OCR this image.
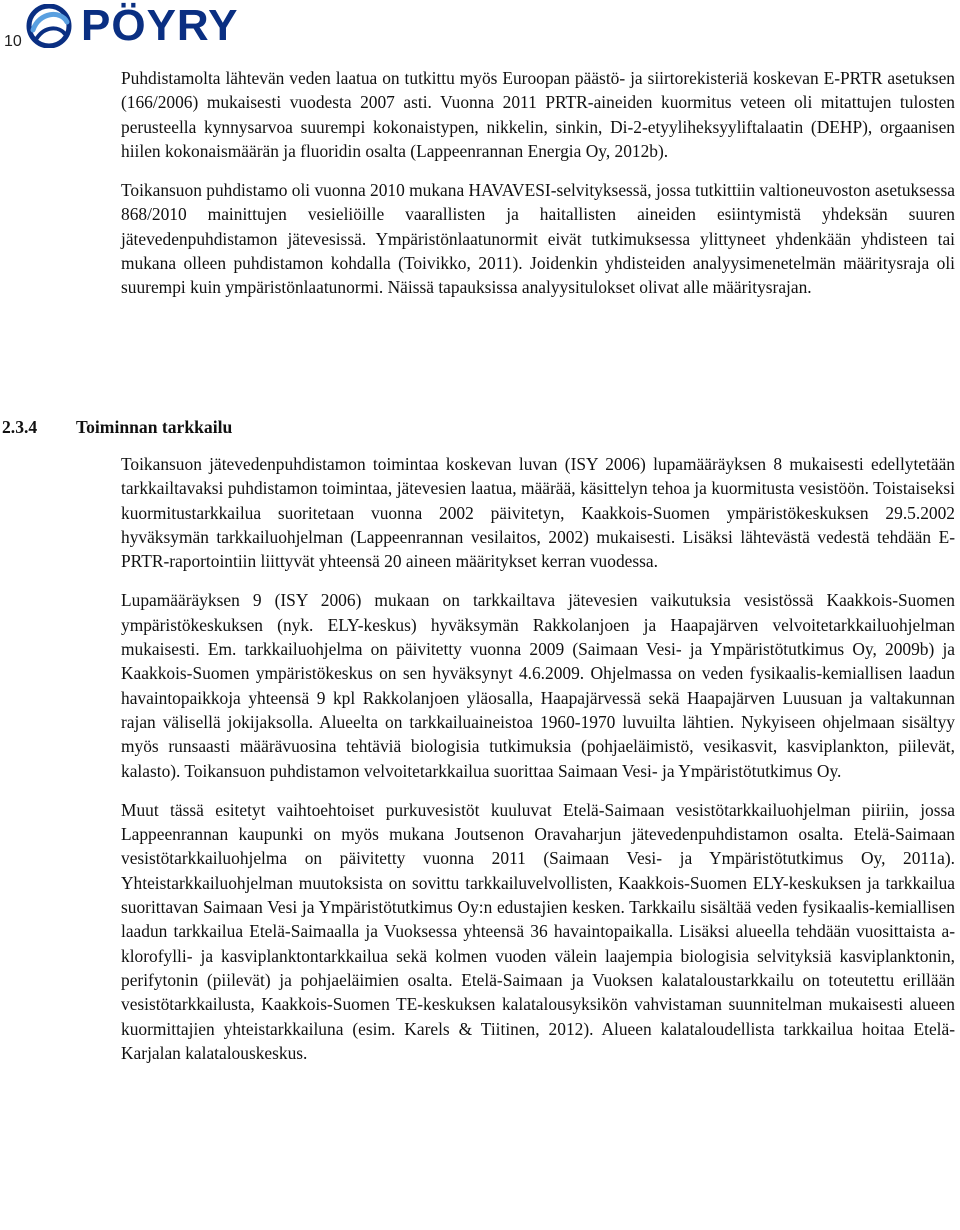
10 PÖYRY

Puhdistamolta lähtevän veden laatua on tutkittu myös Euroopan päästö- ja siirtorekisteriä koskevan E-PRTR asetuksen (166/2006) mukaisesti vuodesta 2007 asti. Vuonna 2011 PRTR-aineiden kuormitus veteen oli mitattujen tulosten perusteella kynnysarvoa suurempi kokonaistypen, nikkelin, sinkin, Di-2-etyyliheksyyliftalaatin (DEHP), orgaanisen hiilen kokonaismäärän ja fluoridin osalta (Lappeenrannan Energia Oy, 2012b).

Toikansuon puhdistamo oli vuonna 2010 mukana HAVAVESI-selvityksessä, jossa tutkittiin valtioneuvoston asetuksessa 868/2010 mainittujen vesieliöille vaarallisten ja haitallisten aineiden esiintymistä yhdeksän suuren jätevedenpuhdistamon jätevesissä. Ympäristönlaatunormit eivät tutkimuksessa ylittyneet yhdenkään yhdisteen tai mukana olleen puhdistamon kohdalla (Toivikko, 2011). Joidenkin yhdisteiden analyysimenetelmän määritysraja oli suurempi kuin ympäristönlaatunormi. Näissä tapauksissa analyysitulokset olivat alle määritysrajan.

2.3.4 Toiminnan tarkkailu

Toikansuon jätevedenpuhdistamon toimintaa koskevan luvan (ISY 2006) lupamääräyksen 8 mukaisesti edellytetään tarkkailtavaksi puhdistamon toimintaa, jätevesien laatua, määrää, käsittelyn tehoa ja kuormitusta vesistöön. Toistaiseksi kuormitustarkkailua suoritetaan vuonna 2002 päivitetyn, Kaakkois-Suomen ympäristökeskuksen 29.5.2002 hyväksymän tarkkailuohjelman (Lappeenrannan vesilaitos, 2002) mukaisesti. Lisäksi lähtevästä vedestä tehdään E-PRTR-raportointiin liittyvät yhteensä 20 aineen määritykset kerran vuodessa.

Lupamääräyksen 9 (ISY 2006) mukaan on tarkkailtava jätevesien vaikutuksia vesistössä Kaakkois-Suomen ympäristökeskuksen (nyk. ELY-keskus) hyväksymän Rakkolanjoen ja Haapajärven velvoitetarkkailuohjelman mukaisesti. Em. tarkkailuohjelma on päivitetty vuonna 2009 (Saimaan Vesi- ja Ympäristötutkimus Oy, 2009b) ja Kaakkois-Suomen ympäristökeskus on sen hyväksynyt 4.6.2009. Ohjelmassa on veden fysikaalis-kemiallisen laadun havaintopaikkoja yhteensä 9 kpl Rakkolanjoen yläosalla, Haapajärvessä sekä Haapajärven Luusuan ja valtakunnan rajan välisellä jokijaksolla. Alueelta on tarkkailuaineistoa 1960-1970 luvuilta lähtien. Nykyiseen ohjelmaan sisältyy myös runsaasti määrävuosina tehtäviä biologisia tutkimuksia (pohjaeläimistö, vesikasvit, kasviplankton, piilevät, kalasto). Toikansuon puhdistamon velvoitetarkkailua suorittaa Saimaan Vesi- ja Ympäristötutkimus Oy.

Muut tässä esitetyt vaihtoehtoiset purkuvesistöt kuuluvat Etelä-Saimaan vesistötarkkailuohjelman piiriin, jossa Lappeenrannan kaupunki on myös mukana Joutsenon Oravaharjun jätevedenpuhdistamon osalta. Etelä-Saimaan vesistötarkkailuohjelma on päivitetty vuonna 2011 (Saimaan Vesi- ja Ympäristötutkimus Oy, 2011a). Yhteistarkkailuohjelman muutoksista on sovittu tarkkailuvelvollisten, Kaakkois-Suomen ELY-keskuksen ja tarkkailua suorittavan Saimaan Vesi ja Ympäristötutkimus Oy:n edustajien kesken. Tarkkailu sisältää veden fysikaalis-kemiallisen laadun tarkkailua Etelä-Saimaalla ja Vuoksessa yhteensä 36 havaintopaikalla. Lisäksi alueella tehdään vuosittaista a-klorofylli- ja kasviplanktontarkkailua sekä kolmen vuoden välein laajempia biologisia selvityksiä kasviplanktonin, perifytonin (piilevät) ja pohjaeläimien osalta. Etelä-Saimaan ja Vuoksen kalataloustarkkailu on toteutettu erillään vesistötarkkailusta, Kaakkois-Suomen TE-keskuksen kalatalousyksikön vahvistaman suunnitelman mukaisesti alueen kuormittajien yhteistarkkailuna (esim. Karels & Tiitinen, 2012). Alueen kalataloudellista tarkkailua hoitaa Etelä-Karjalan kalatalouskeskus.
